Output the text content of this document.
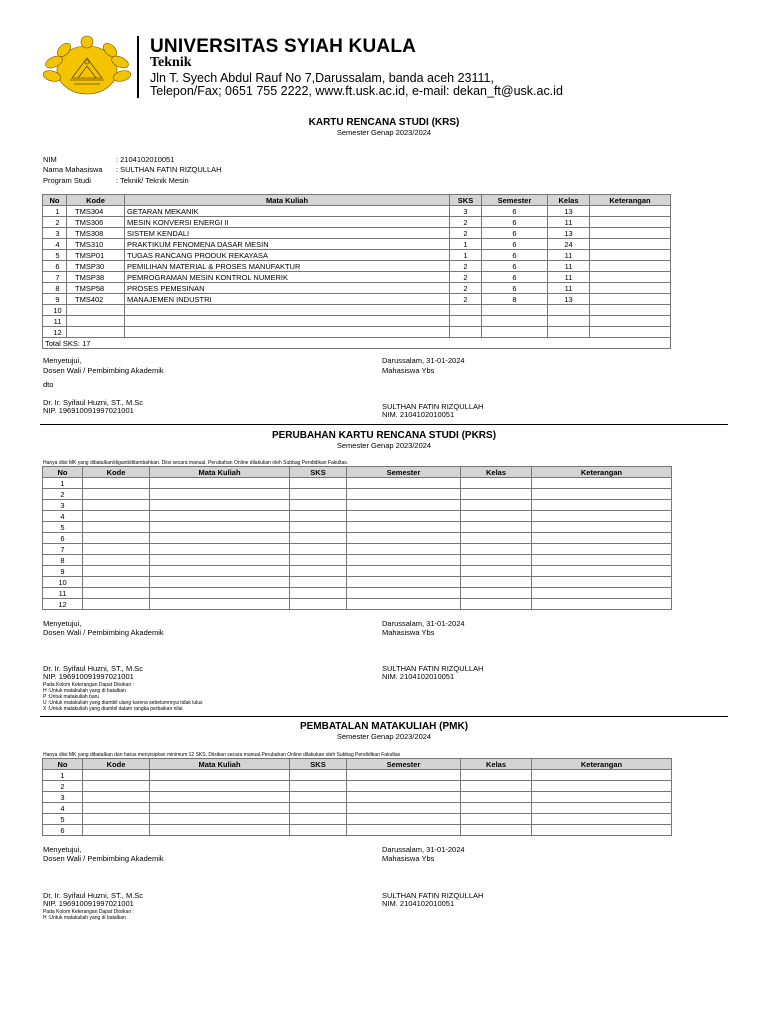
UNIVERSITAS SYIAH KUALA
Teknik
Jln T. Syech Abdul Rauf No 7,Darussalam, banda aceh 23111,
Telepon/Fax; 0651 755 2222, www.ft.usk.ac.id, e-mail: dekan_ft@usk.ac.id
KARTU RENCANA STUDI (KRS)
Semester Genap 2023/2024
NIM	: 2104102010051
Nama Mahasiswa : SULTHAN FATIN RIZQULLAH
Program Studi	: Teknik/ Teknik Mesin
No	Kode	Mata Kuliah	SKS	Semester	Kelas	Keterangan
1	TMS304	GETARAN MEKANIK	3	6	13	
2	TMS306	MESIN KONVERSI ENERGI II	2	6	11	
3	TMS308	SISTEM KENDALI	2	6	13	
4	TMS310	PRAKTIKUM FENOMENA DASAR MESIN	1	6	24	
5	TMSP01	TUGAS RANCANG PRODUK REKAYASA	1	6	11	
6	TMSP30	PEMILIHAN MATERIAL & PROSES MANUFAKTUR	2	6	11	
7	TMSP38	PEMROGRAMAN MESIN KONTROL NUMERIK	2	6	11	
8	TMSP58	PROSES PEMESINAN	2	6	11	
9	TMS402	MANAJEMEN INDUSTRI	2	8	13	
10						
11						
12						
Total SKS: 17						
Menyetujui,
Dosen Wali / Pembimbing Akademik
dto
Dr. Ir. Syifaul Huzni, ST., M.Sc
NIP. 196910091997021001
Darussalam, 31-01-2024
Mahasiswa Ybs
SULTHAN FATIN RIZQULLAH
NIM. 2104102010051
PERUBAHAN KARTU RENCANA STUDI (PKRS)
Semester Genap 2023/2024
Hanya diisi MK yang dibatalkan/diganti/ditambahkan. Diisi secara manual. Perubahan Online dilakukan oleh Subbag Pendidikan Fakultas.
No	Kode	Mata Kuliah	SKS	Semester	Kelas	Keterangan
1						
2						
3						
4						
5						
6						
7						
8						
9						
10						
11						
12						
Menyetujui,
Dosen Wali / Pembimbing Akademik
Dr. Ir. Syifaul Huzni, ST., M.Sc
NIP. 196910091997021001
Darussalam, 31-01-2024
Mahasiswa Ybs
SULTHAN FATIN RIZQULLAH
NIM. 2104102010051
Pada Kolom Keterangan Dapat Diisikan :
H :Untuk matakuliah yang di batalkan
P :Untuk matakuliah baru
U :Untuk matakuliah yang diambil ulang karena sebelumnnya tidak lulus
X :Untuk matakuliah yang diambil dalam rangka perbaikan nilai
PEMBATALAN MATAKULIAH (PMK)
Semester Genap 2023/2024
Hanya diisi MK yang dibatalkan dan harus menyisipkan minimum 12 SKS. Diisikan secara manual.Perubahan Online dilakukan oleh Subbag Pendidikan Fakultas
No	Kode	Mata Kuliah	SKS	Semester	Kelas	Keterangan
1						
2						
3						
4						
5						
6						
Menyetujui,
Dosen Wali / Pembimbing Akademik
Dr. Ir. Syifaul Huzni, ST., M.Sc
NIP. 196910091997021001
Darussalam, 31-01-2024
Mahasiswa Ybs
SULTHAN FATIN RIZQULLAH
NIM. 2104102010051
Pada Kolom Keterangan Dapat Diisikan :
H :Untuk matakuliah yang di batalkan
